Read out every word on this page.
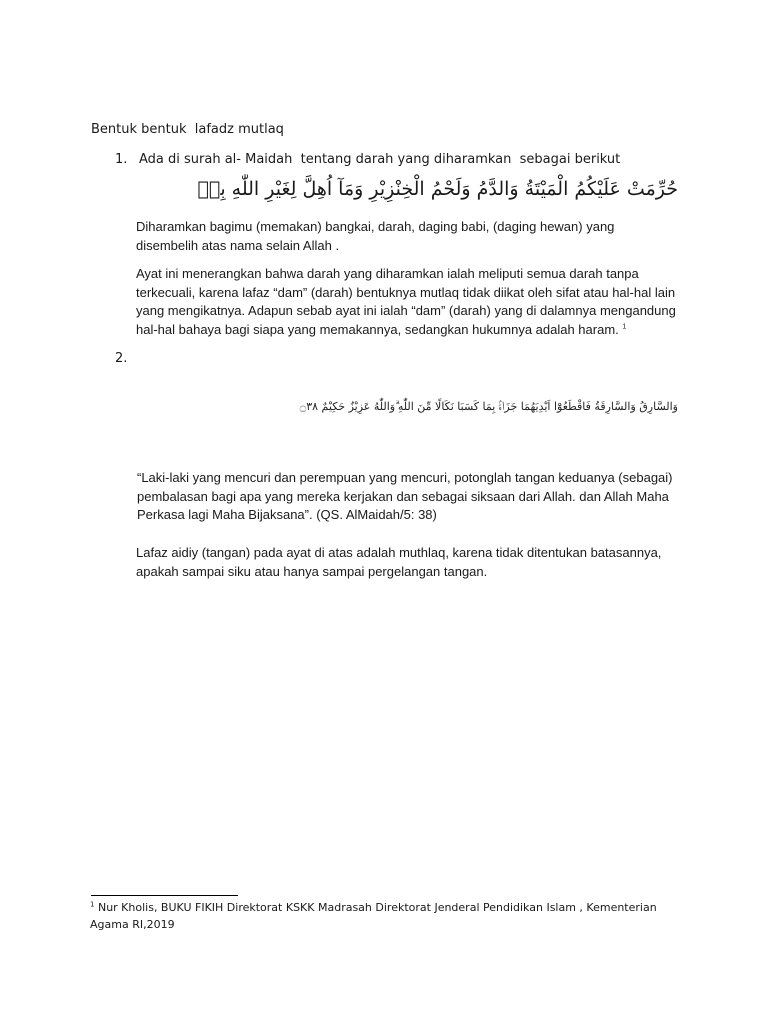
Bentuk bentuk  lafadz mutlaq
1. Ada di surah al- Maidah  tentang darah yang diharamkan  sebagai berikut
حُرِّمَتْ عَلَيْكُمُ الْمَيْتَةُ وَالدَّمُ وَلَحْمُ الْخِنْزِيْرِ وَمَآ اُهِلَّ لِغَيْرِ اللّٰهِ بِهٖ
Diharamkan bagimu (memakan) bangkai, darah, daging babi, (daging hewan) yang disembelih atas nama selain Allah .
Ayat ini menerangkan bahwa darah yang diharamkan ialah meliputi semua darah tanpa terkecuali, karena lafaz “dam” (darah) bentuknya mutlaq tidak diikat oleh sifat atau hal-hal lain yang mengikatnya. Adapun sebab ayat ini ialah “dam” (darah) yang di dalamnya mengandung hal-hal bahaya bagi siapa yang memakannya, sedangkan hukumnya adalah haram. $^1$
2.
وَالسَّارِقُ وَالسَّارِقَةُ فَاقْطَعُوْٓا اَيْدِيَهُمَا جَزَاۤءًۢ بِمَا كَسَبَا نَكَالًا مِّنَ اللّٰهِ ۗوَاللّٰهُ عَزِيْزٌ حَكِيْمٌ ۝٣٨
“Laki-laki yang mencuri dan perempuan yang mencuri, potonglah tangan keduanya (sebagai) pembalasan bagi apa yang mereka kerjakan dan sebagai siksaan dari Allah. dan Allah Maha Perkasa lagi Maha Bijaksana”. (QS. AlMaidah/5: 38)
Lafaz aidiy (tangan) pada ayat di atas adalah muthlaq, karena tidak ditentukan batasannya, apakah sampai siku atau hanya sampai pergelangan tangan.
$^1$ Nur Kholis, BUKU FIKIH Direktorat KSKK Madrasah Direktorat Jenderal Pendidikan Islam , Kementerian Agama RI,2019
